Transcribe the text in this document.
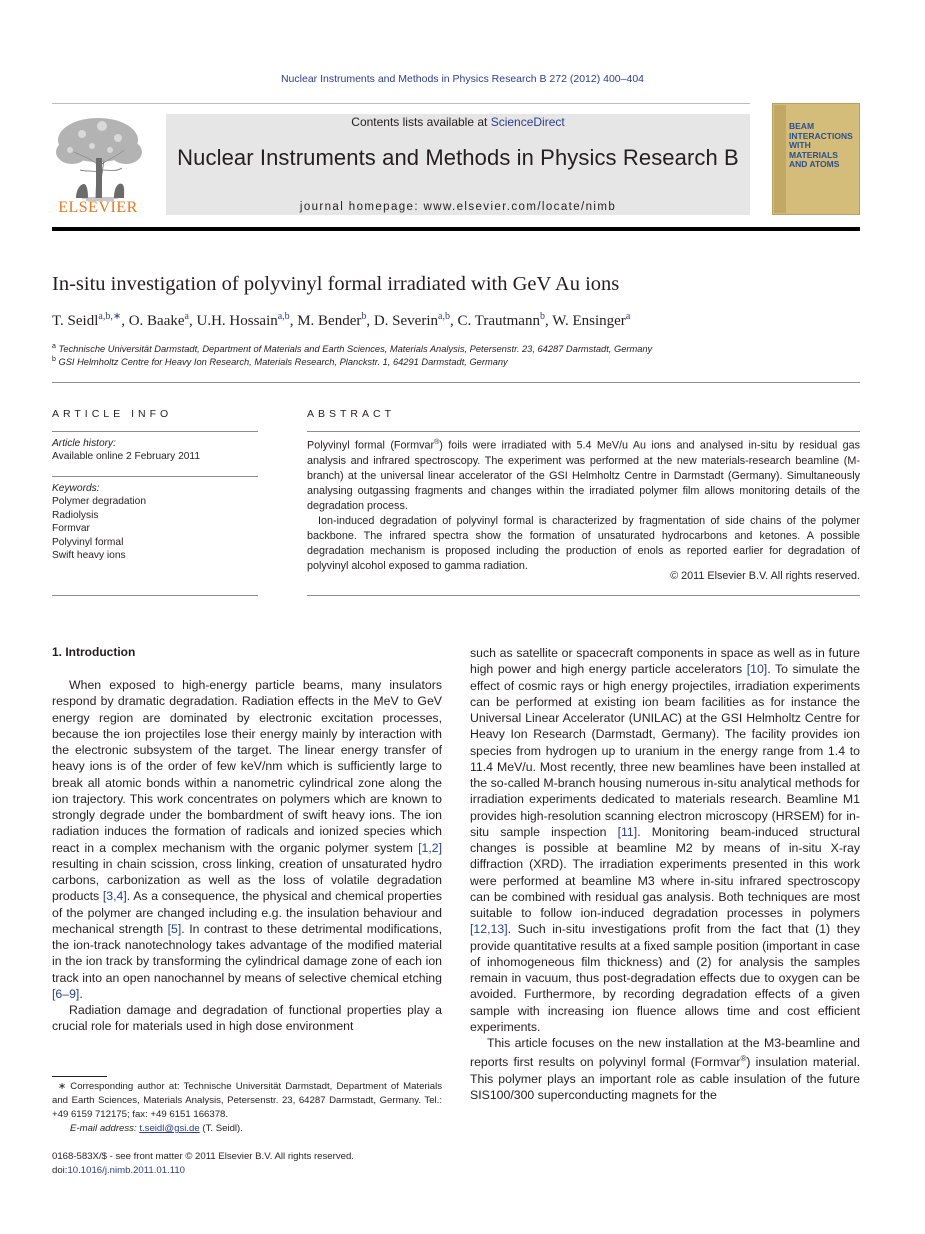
Nuclear Instruments and Methods in Physics Research B 272 (2012) 400–404
ELSEVIER
Contents lists available at ScienceDirect
Nuclear Instruments and Methods in Physics Research B
journal homepage: www.elsevier.com/locate/nimb
BEAM
INTERACTIONS
WITH
MATERIALS
AND ATOMS
In-situ investigation of polyvinyl formal irradiated with GeV Au ions
T. Seidl$^{a,b,∗}$, O. Baake$^a$, U.H. Hossain$^{a,b}$, M. Bender$^b$, D. Severin$^{a,b}$, C. Trautmann$^b$, W. Ensinger$^a$
$^a$ Technische Universität Darmstadt, Department of Materials and Earth Sciences, Materials Analysis, Petersenstr. 23, 64287 Darmstadt, Germany
$^b$ GSI Helmholtz Centre for Heavy Ion Research, Materials Research, Planckstr. 1, 64291 Darmstadt, Germany
ARTICLE INFO
Article history:
Available online 2 February 2011
Keywords:
Polymer degradation
Radiolysis
Formvar
Polyvinyl formal
Swift heavy ions
ABSTRACT

Polyvinyl formal (Formvar®) foils were irradiated with 5.4 MeV/u Au ions and analysed in-situ by residual gas analysis and infrared spectroscopy. The experiment was performed at the new materials-research beamline (M-branch) at the universal linear accelerator of the GSI Helmholtz Centre in Darmstadt (Germany). Simultaneously analysing outgassing fragments and changes within the irradiated polymer film allows monitoring details of the degradation process.

Ion-induced degradation of polyvinyl formal is characterized by fragmentation of side chains of the polymer backbone. The infrared spectra show the formation of unsaturated hydrocarbons and ketones. A possible degradation mechanism is proposed including the production of enols as reported earlier for degradation of polyvinyl alcohol exposed to gamma radiation.

© 2011 Elsevier B.V. All rights reserved.
1. Introduction

When exposed to high-energy particle beams, many insulators respond by dramatic degradation. Radiation effects in the MeV to GeV energy region are dominated by electronic excitation processes, because the ion projectiles lose their energy mainly by interaction with the electronic subsystem of the target. The linear energy transfer of heavy ions is of the order of few keV/nm which is sufficiently large to break all atomic bonds within a nanometric cylindrical zone along the ion trajectory. This work concentrates on polymers which are known to strongly degrade under the bombardment of swift heavy ions. The ion radiation induces the formation of radicals and ionized species which react in a complex mechanism with the organic polymer system [1,2] resulting in chain scission, cross linking, creation of unsaturated hydro carbons, carbonization as well as the loss of volatile degradation products [3,4]. As a consequence, the physical and chemical properties of the polymer are changed including e.g. the insulation behaviour and mechanical strength [5]. In contrast to these detrimental modifications, the ion-track nanotechnology takes advantage of the modified material in the ion track by transforming the cylindrical damage zone of each ion track into an open nanochannel by means of selective chemical etching [6–9].

Radiation damage and degradation of functional properties play a crucial role for materials used in high dose environment

∗ Corresponding author at: Technische Universität Darmstadt, Department of Materials and Earth Sciences, Materials Analysis, Petersenstr. 23, 64287 Darmstadt, Germany. Tel.: +49 6159 712175; fax: +49 6151 166378.
E-mail address: t.seidl@gsi.de (T. Seidl).
0168-583X/$ - see front matter © 2011 Elsevier B.V. All rights reserved.
doi:10.1016/j.nimb.2011.01.110

such as satellite or spacecraft components in space as well as in future high power and high energy particle accelerators [10]. To simulate the effect of cosmic rays or high energy projectiles, irradiation experiments can be performed at existing ion beam facilities as for instance the Universal Linear Accelerator (UNILAC) at the GSI Helmholtz Centre for Heavy Ion Research (Darmstadt, Germany). The facility provides ion species from hydrogen up to uranium in the energy range from 1.4 to 11.4 MeV/u. Most recently, three new beamlines have been installed at the so-called M-branch housing numerous in-situ analytical methods for irradiation experiments dedicated to materials research. Beamline M1 provides high-resolution scanning electron microscopy (HRSEM) for in-situ sample inspection [11]. Monitoring beam-induced structural changes is possible at beamline M2 by means of in-situ X-ray diffraction (XRD). The irradiation experiments presented in this work were performed at beamline M3 where in-situ infrared spectroscopy can be combined with residual gas analysis. Both techniques are most suitable to follow ion-induced degradation processes in polymers [12,13]. Such in-situ investigations profit from the fact that (1) they provide quantitative results at a fixed sample position (important in case of inhomogeneous film thickness) and (2) for analysis the samples remain in vacuum, thus post-degradation effects due to oxygen can be avoided. Furthermore, by recording degradation effects of a given sample with increasing ion fluence allows time and cost efficient experiments.

This article focuses on the new installation at the M3-beamline and reports first results on polyvinyl formal (Formvar®) insulation material. This polymer plays an important role as cable insulation of the future SIS100/300 superconducting magnets for the
